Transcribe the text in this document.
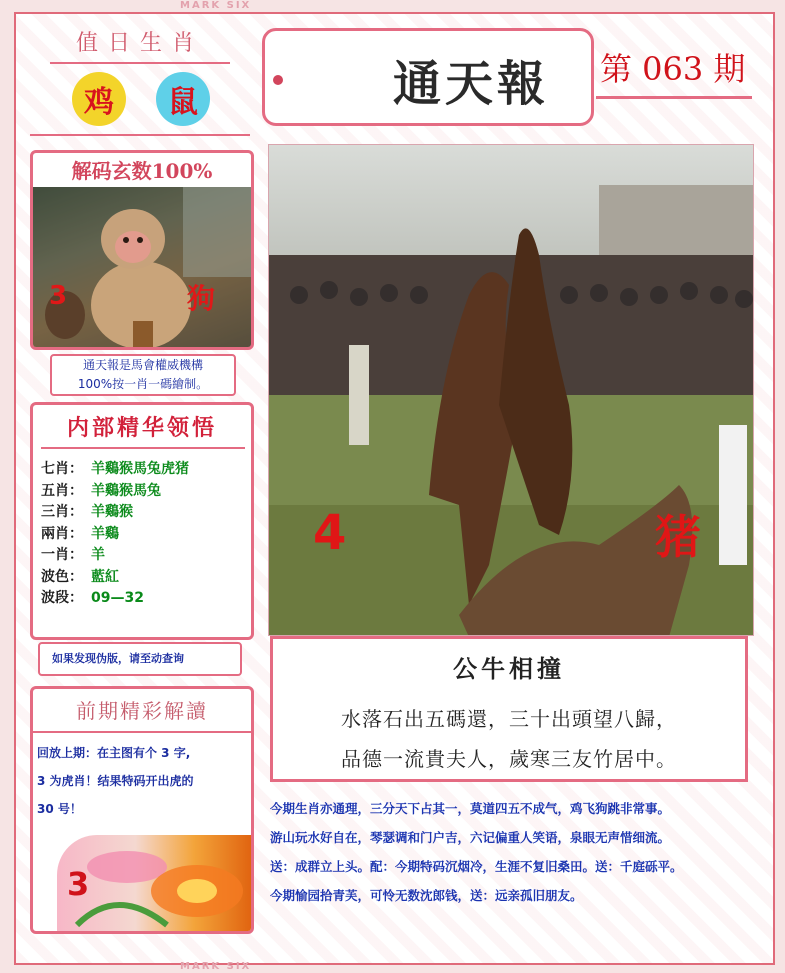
MARK SIX
MARK SIX
值日生肖
鸡	鼠
解码玄数100%
3	狗
通天報是馬會權威機構
100%按一肖一碼繪制。
内部精华领悟
七肖： 羊鷄猴馬兔虎猪
五肖： 羊鷄猴馬兔
三肖： 羊鷄猴
兩肖： 羊鷄
一肖： 羊
波色： 藍紅
波段： 09—32
如果发现伪版，请至动查询
前期精彩解讀
回放上期：在主图有个 3 字,
3 为虎肖！结果特码开出虎的
30 号！
3
通天報 第 063 期
4	猪
公牛相撞
水落石出五碼還，三十出頭望八歸，
品德一流貴夫人，歲寒三友竹居中。
今期生肖亦通理，三分天下占其一，莫道四五不成气，鸡飞狗跳非常事。
游山玩水好自在，琴瑟调和门户吉，六记偏重人笑语，泉眼无声惜细流。
送：成群立上头。配：今期特码沉烟冷，生涯不复旧桑田。送：千庭砾平。
今期愉园拾青芙，可怜无数沈郎钱，送：远亲孤旧朋友。
